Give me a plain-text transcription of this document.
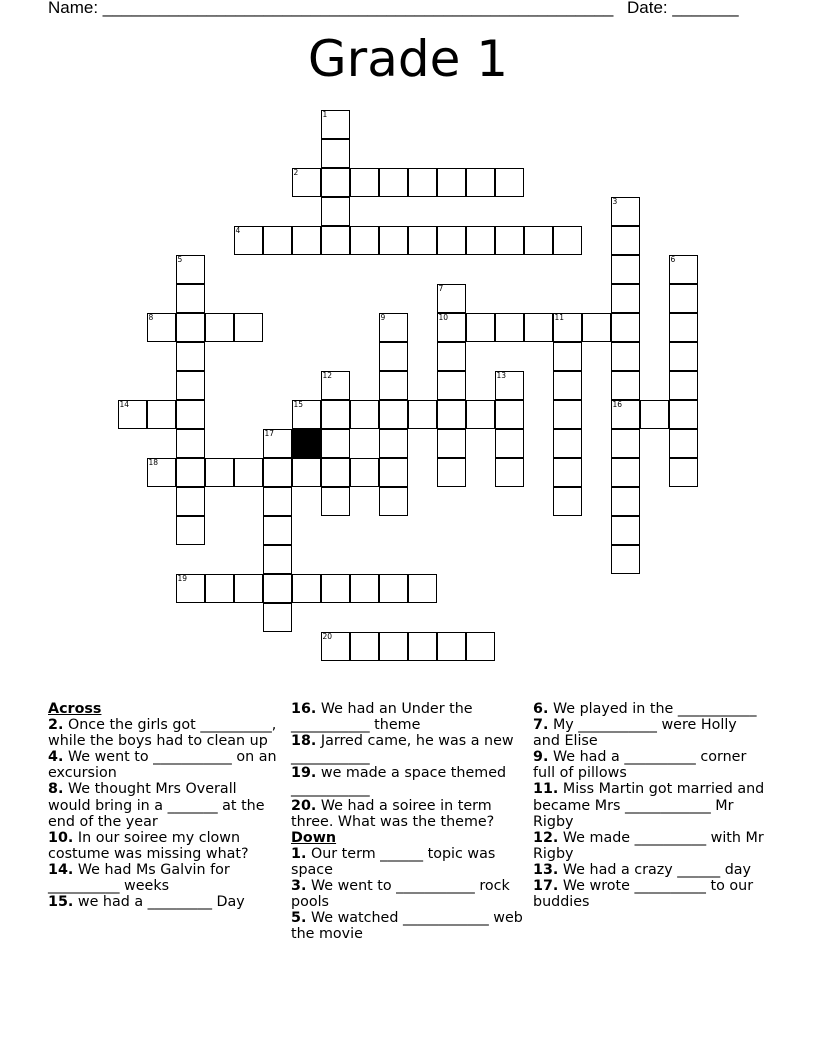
Name: ______________________________________________________ Date: _______
Grade 1
1
2
3
16
4
5	6
7
10
8	9	11
12	13
14	15
17
18
19
20
Across
2. Once the girls got __________, while the boys had to clean up
4. We went to ___________ on an excursion
8. We thought Mrs Overall would bring in a _______ at the end of the year
10. In our soiree my clown costume was missing what?
14. We had Ms Galvin for __________ weeks
15. we had a _________ Day
16. We had an Under the ___________ theme
18. Jarred came, he was a new ___________
19. we made a space themed ___________
20. We had a soiree in term three. What was the theme?
Down
1. Our term ______ topic was space
3. We went to ___________ rock pools
5. We watched ____________ web the movie
6. We played in the ___________
7. My ___________ were Holly and Elise
9. We had a __________ corner full of pillows
11. Miss Martin got married and became Mrs ____________ Mr Rigby
12. We made __________ with Mr Rigby
13. We had a crazy ______ day
17. We wrote __________ to our buddies
